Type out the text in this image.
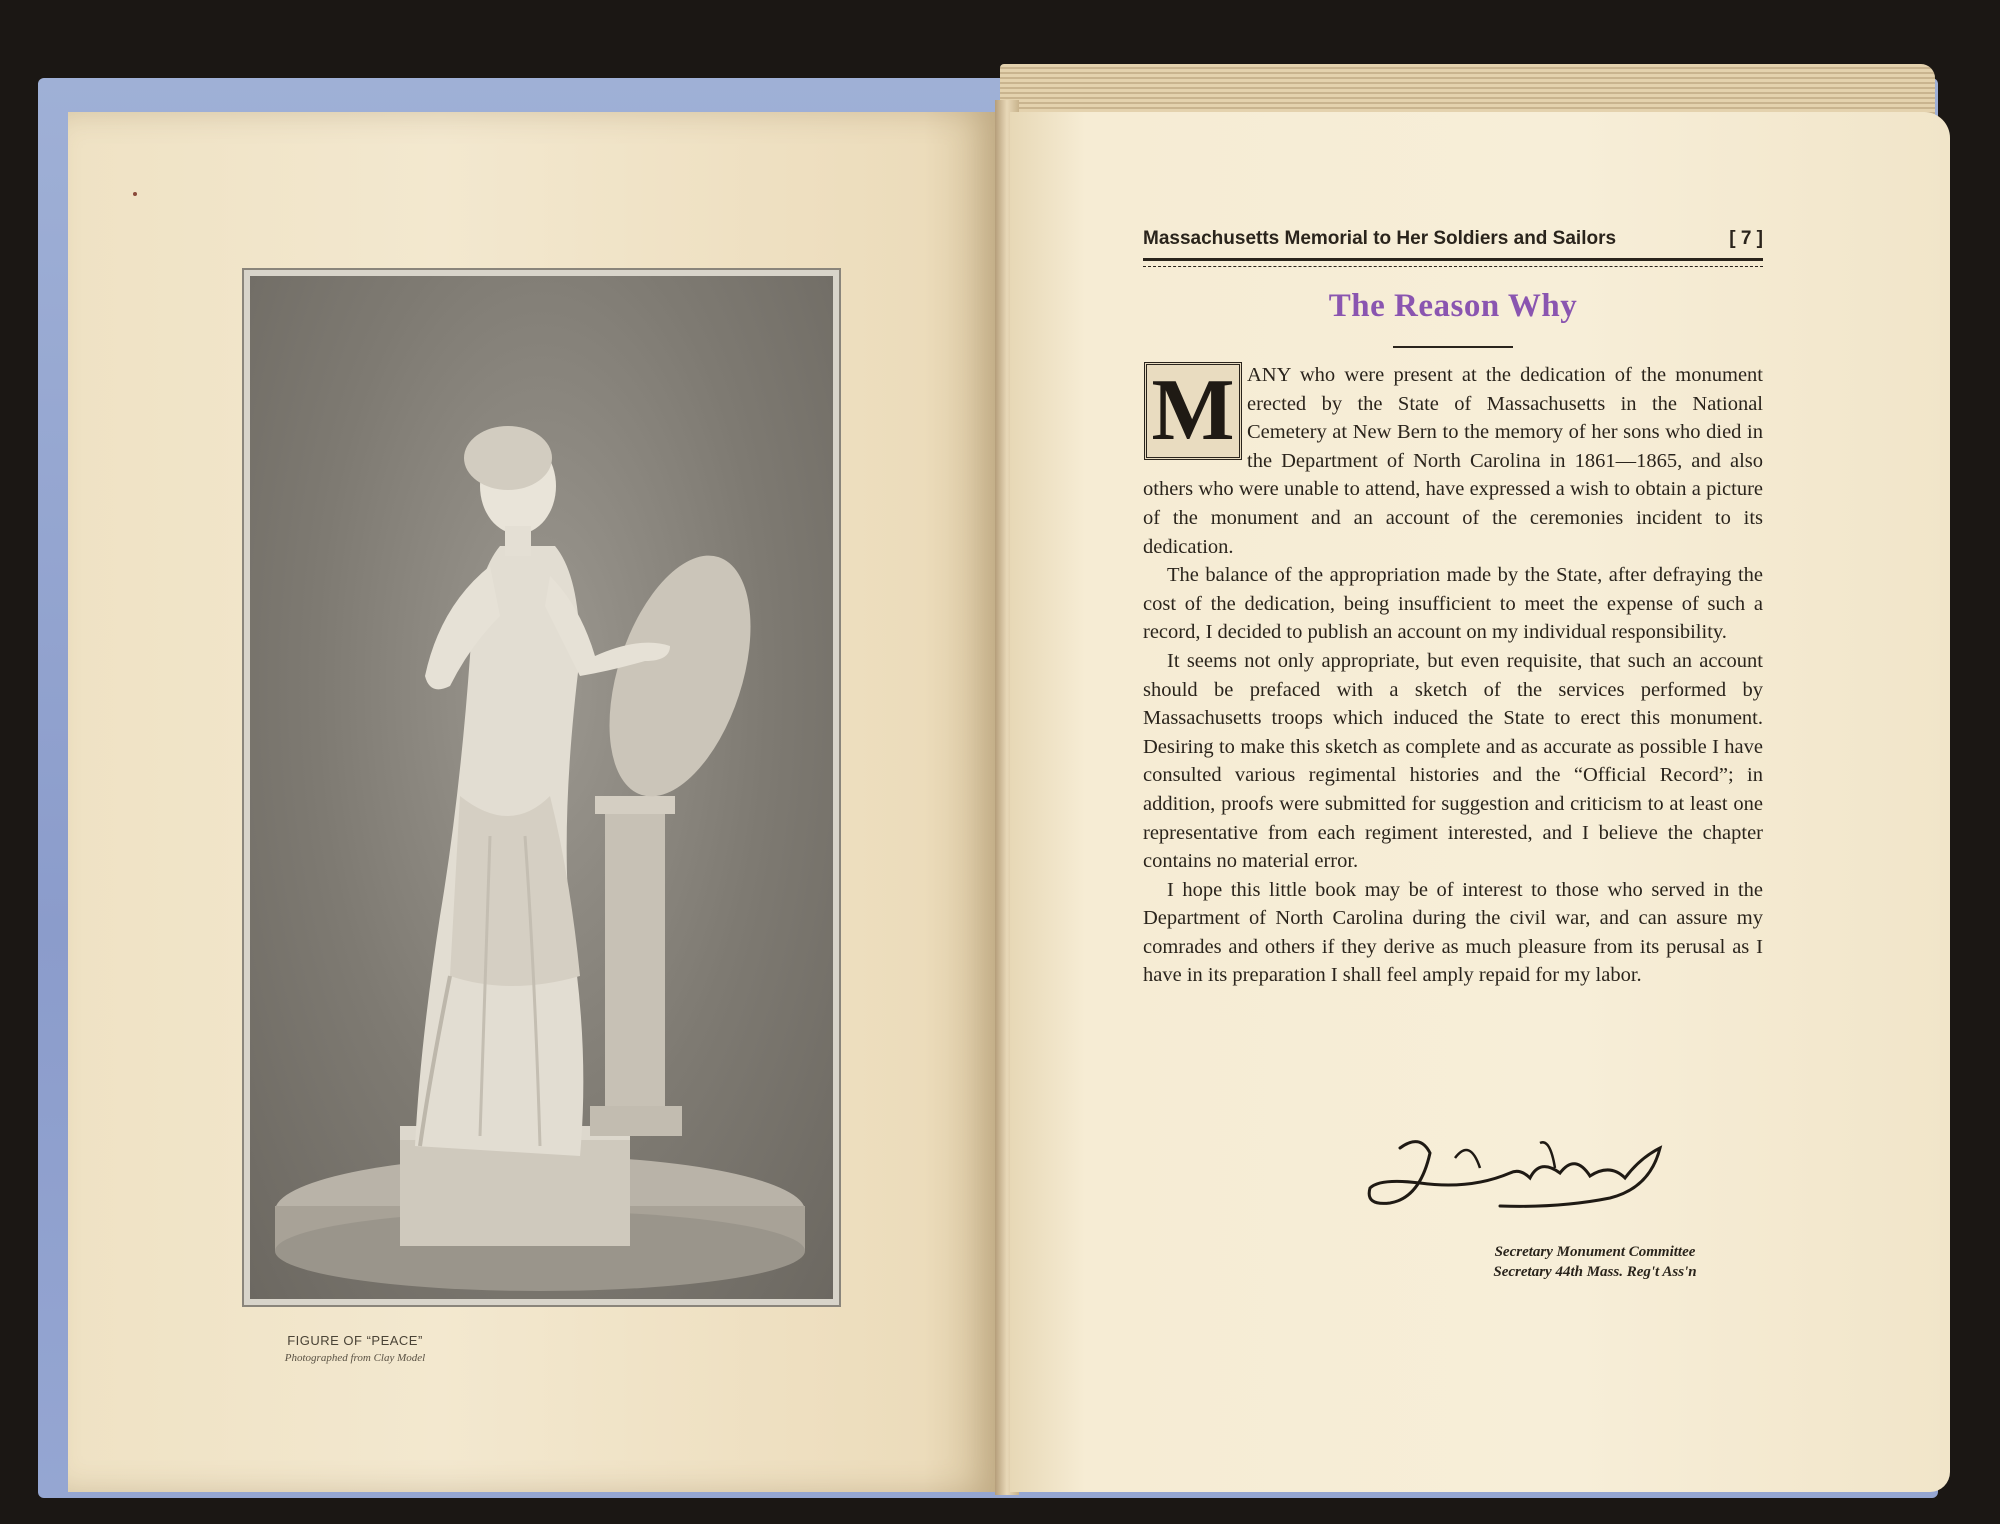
FIGURE OF “PEACE”
Photographed from Clay Model
Massachusetts Memorial to Her Soldiers and Sailors	[ 7 ]
The Reason Why
M ANY who were present at the dedication of the monument erected by the State of Massachusetts in the National Cemetery at New Bern to the memory of her sons who died in the Department of North Carolina in 1861—1865, and also others who were unable to attend, have expressed a wish to obtain a picture of the monument and an account of the ceremonies incident to its dedication.

The balance of the appropriation made by the State, after defraying the cost of the dedication, being insufficient to meet the expense of such a record, I decided to publish an account on my individual responsibility.

It seems not only appropriate, but even requisite, that such an account should be prefaced with a sketch of the services performed by Massachusetts troops which induced the State to erect this monument. Desiring to make this sketch as complete and as accurate as possible I have consulted various regimental histories and the “Official Record”; in addition, proofs were submitted for suggestion and criticism to at least one representative from each regiment interested, and I believe the chapter contains no material error.

I hope this little book may be of interest to those who served in the Department of North Carolina during the civil war, and can assure my comrades and others if they derive as much pleasure from its perusal as I have in its preparation I shall feel amply repaid for my labor.

Secretary Monument Committee
Secretary 44th Mass. Reg't Ass'n
